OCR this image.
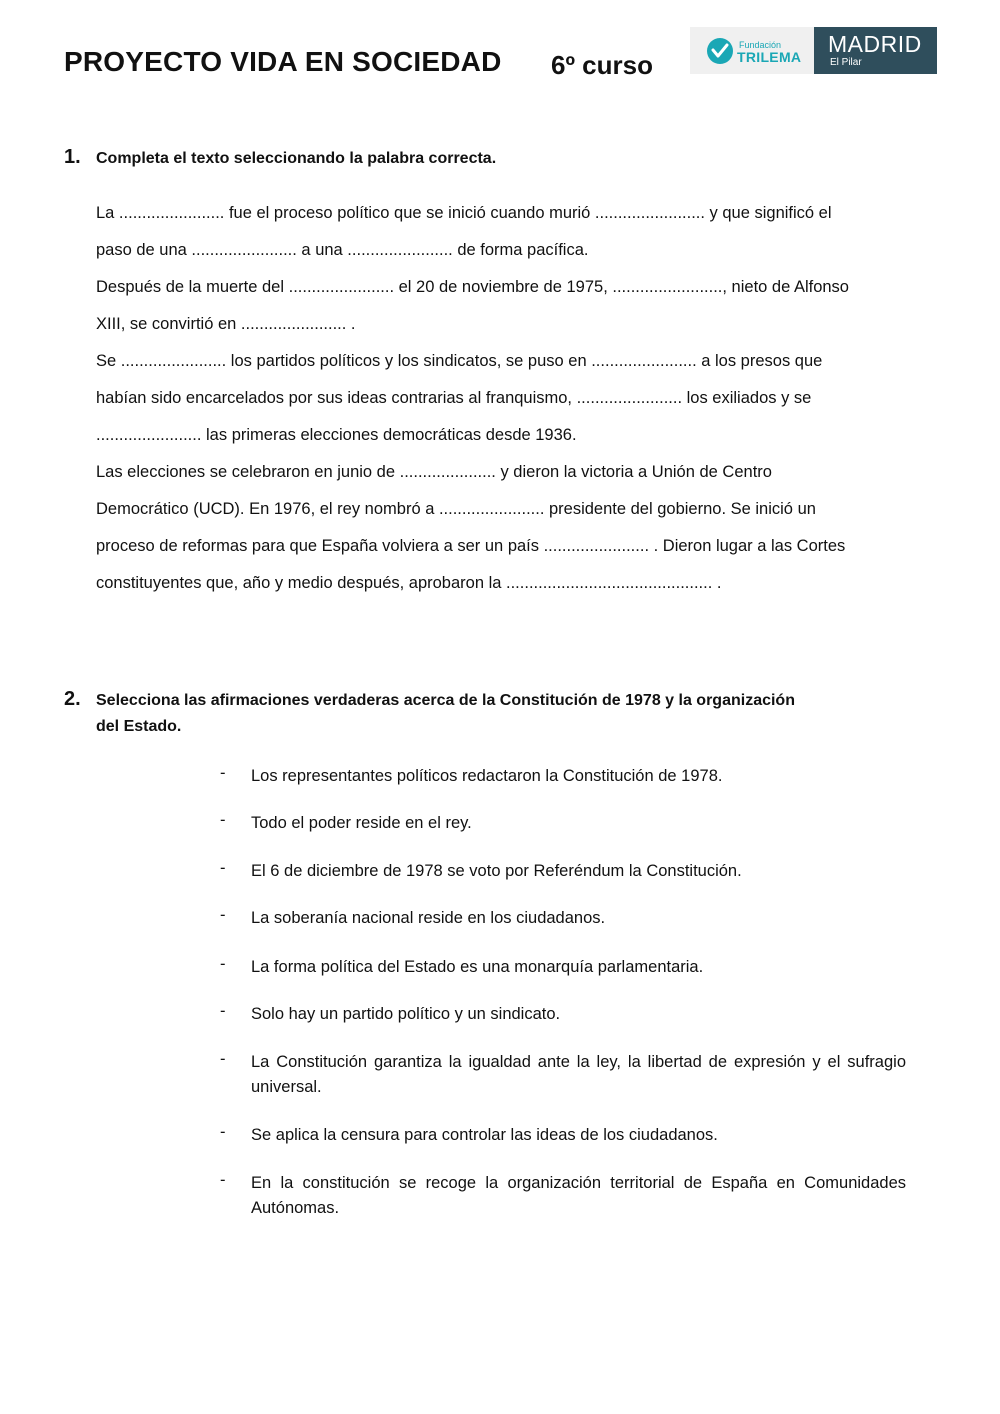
PROYECTO VIDA EN SOCIEDAD 6º curso
Fundación
TRILEMA MADRID
El Pilar
1. Completa el texto seleccionando la palabra correcta.
La ....................... fue el proceso político que se inició cuando murió ........................ y que significó el
paso de una ....................... a una ....................... de forma pacífica.
Después de la muerte del ....................... el 20 de noviembre de 1975, ........................, nieto de Alfonso
XIII, se convirtió en ....................... .
Se ....................... los partidos políticos y los sindicatos, se puso en ....................... a los presos que
habían sido encarcelados por sus ideas contrarias al franquismo, ....................... los exiliados y se
....................... las primeras elecciones democráticas desde 1936.
Las elecciones se celebraron en junio de ..................... y dieron la victoria a Unión de Centro
Democrático (UCD). En 1976, el rey nombró a ....................... presidente del gobierno. Se inició un
proceso de reformas para que España volviera a ser un país ....................... . Dieron lugar a las Cortes
constituyentes que, año y medio después, aprobaron la ............................................. .
2. Selecciona las afirmaciones verdaderas acerca de la Constitución de 1978 y la organización
del Estado.
- Los representantes políticos redactaron la Constitución de 1978.
- Todo el poder reside en el rey.
- El 6 de diciembre de 1978 se voto por Referéndum la Constitución.
- La soberanía nacional reside en los ciudadanos.
- La forma política del Estado es una monarquía parlamentaria.
- Solo hay un partido político y un sindicato.
- La Constitución garantiza la igualdad ante la ley, la libertad de expresión y el sufragio universal.
- Se aplica la censura para controlar las ideas de los ciudadanos.
- En la constitución se recoge la organización territorial de España en Comunidades Autónomas.
